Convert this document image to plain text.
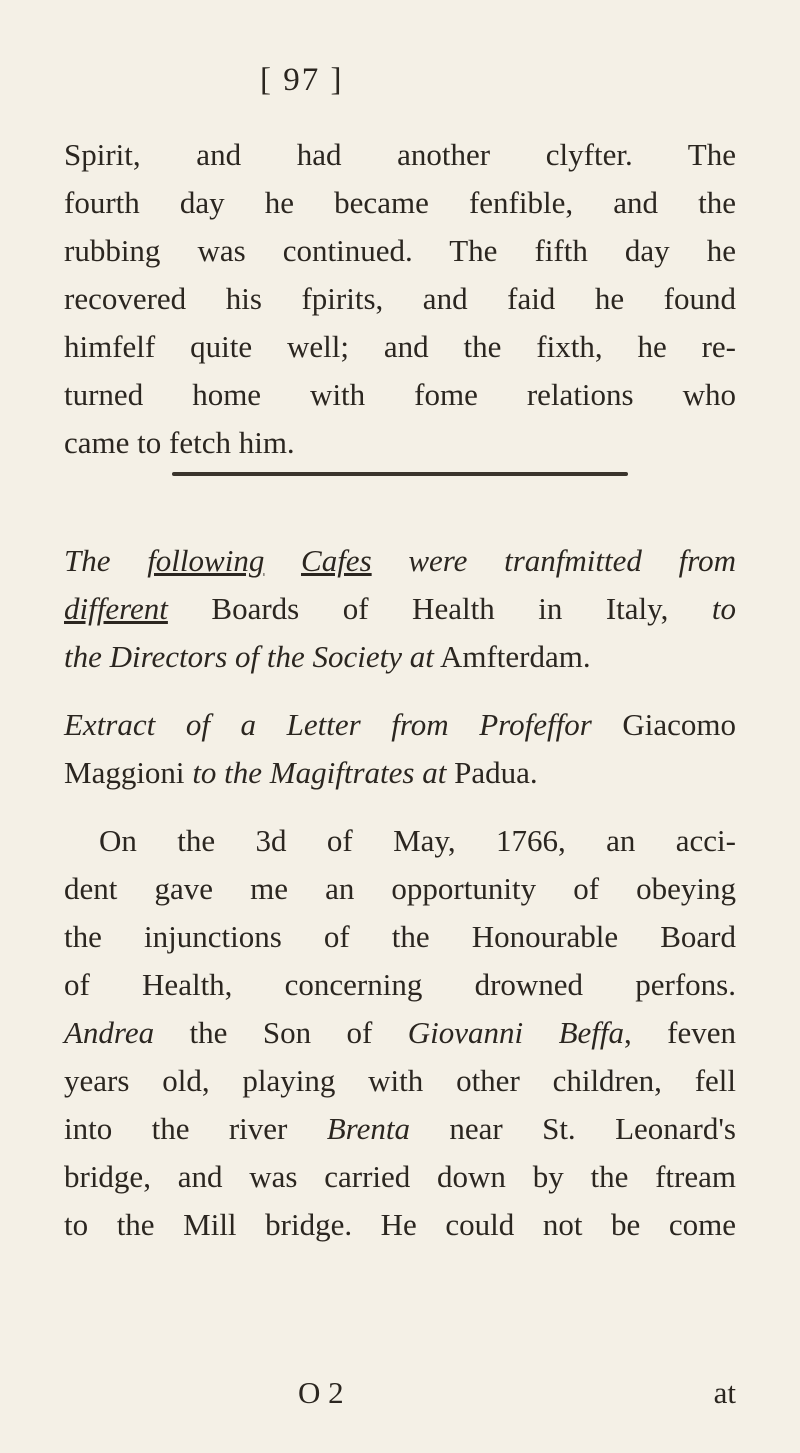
[ 97 ]
Spirit, and had another clyfter. The
fourth day he became fenfible, and the
rubbing was continued. The fifth day he
recovered his fpirits, and faid he found
himfelf quite well; and the fixth, he re-
turned home with fome relations who
came to fetch him.
The following Cafes were tranfmitted from
different Boards of Health in Italy, to
the Directors of the Society at Amfterdam.
Extract of a Letter from Profeffor Giacomo
Maggioni to the Magiftrates at Padua.
On the 3d of May, 1766, an acci-
dent gave me an opportunity of obeying
the injunctions of the Honourable Board
of Health, concerning drowned perfons.
Andrea the Son of Giovanni Beffa, feven
years old, playing with other children, fell
into the river Brenta near St. Leonard's
bridge, and was carried down by the ftream
to the Mill bridge. He could not be come
O 2	at
